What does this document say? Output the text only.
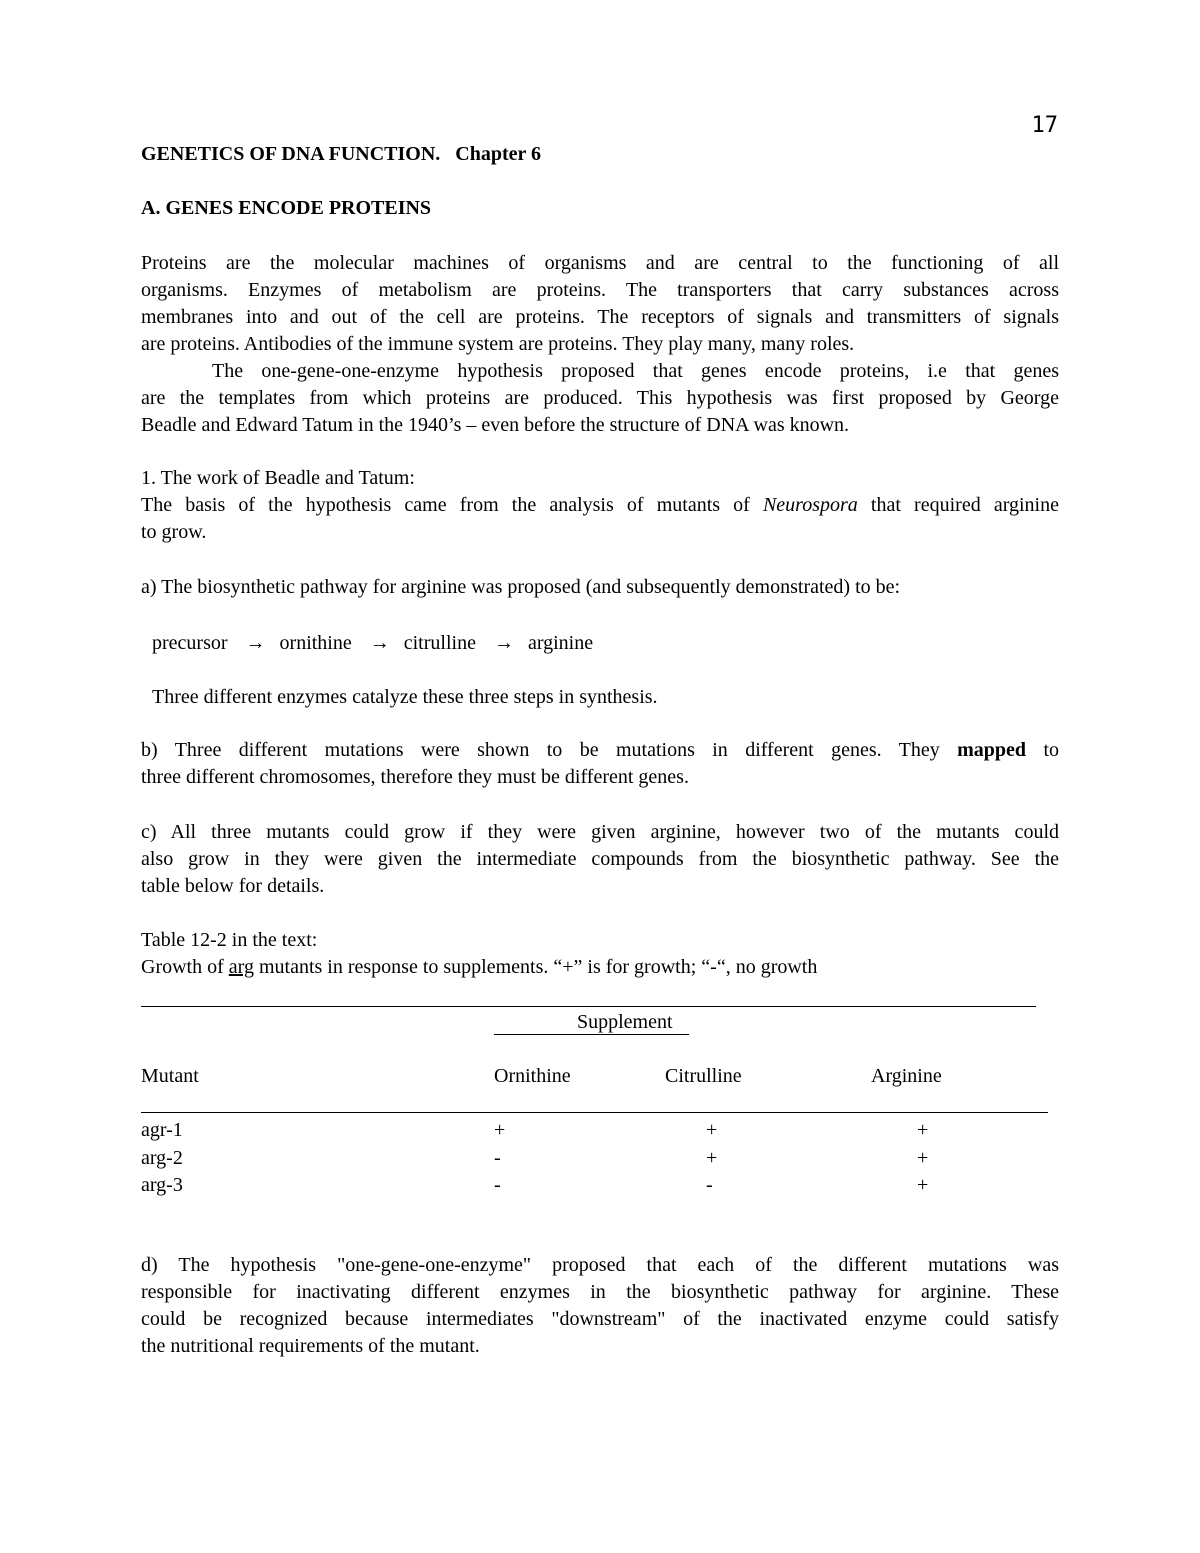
17
GENETICS OF DNA FUNCTION.   Chapter 6
A. GENES ENCODE PROTEINS

Proteins are the molecular machines of organisms and are central to the functioning of all

organisms. Enzymes of metabolism are proteins. The transporters that carry substances across

membranes into and out of the cell are proteins. The receptors of signals and transmitters of signals

are proteins. Antibodies of the immune system are proteins. They play many, many roles.

The one-gene-one-enzyme hypothesis proposed that genes encode proteins, i.e that genes

are the templates from which proteins are produced. This hypothesis was first proposed by George

Beadle and Edward Tatum in the 1940’s – even before the structure of DNA was known.

1. The work of Beadle and Tatum:

The basis of the hypothesis came from the analysis of mutants of Neurospora that required arginine

to grow.

a) The biosynthetic pathway for arginine was proposed (and subsequently demonstrated) to be:
precursor → ornithine → citrulline → arginine
Three different enzymes catalyze these three steps in synthesis.

b) Three different mutations were shown to be mutations in different genes. They mapped to

three different chromosomes, therefore they must be different genes.

c) All three mutants could grow if they were given arginine, however two of the mutants could

also grow in they were given the intermediate compounds from the biosynthetic pathway. See the

table below for details.

Table 12-2 in the text:
Growth of arg mutants in response to supplements. “+” is for growth; “-“, no growth
Supplement
Mutant	Ornithine	Citrulline	Arginine
agr-1	+	+	+
arg-2	-	+	+
arg-3	-	-	+

d) The hypothesis "one-gene-one-enzyme" proposed that each of the different mutations was

responsible for inactivating different enzymes in the biosynthetic pathway for arginine. These

could be recognized because intermediates "downstream" of the inactivated enzyme could satisfy

the nutritional requirements of the mutant.
